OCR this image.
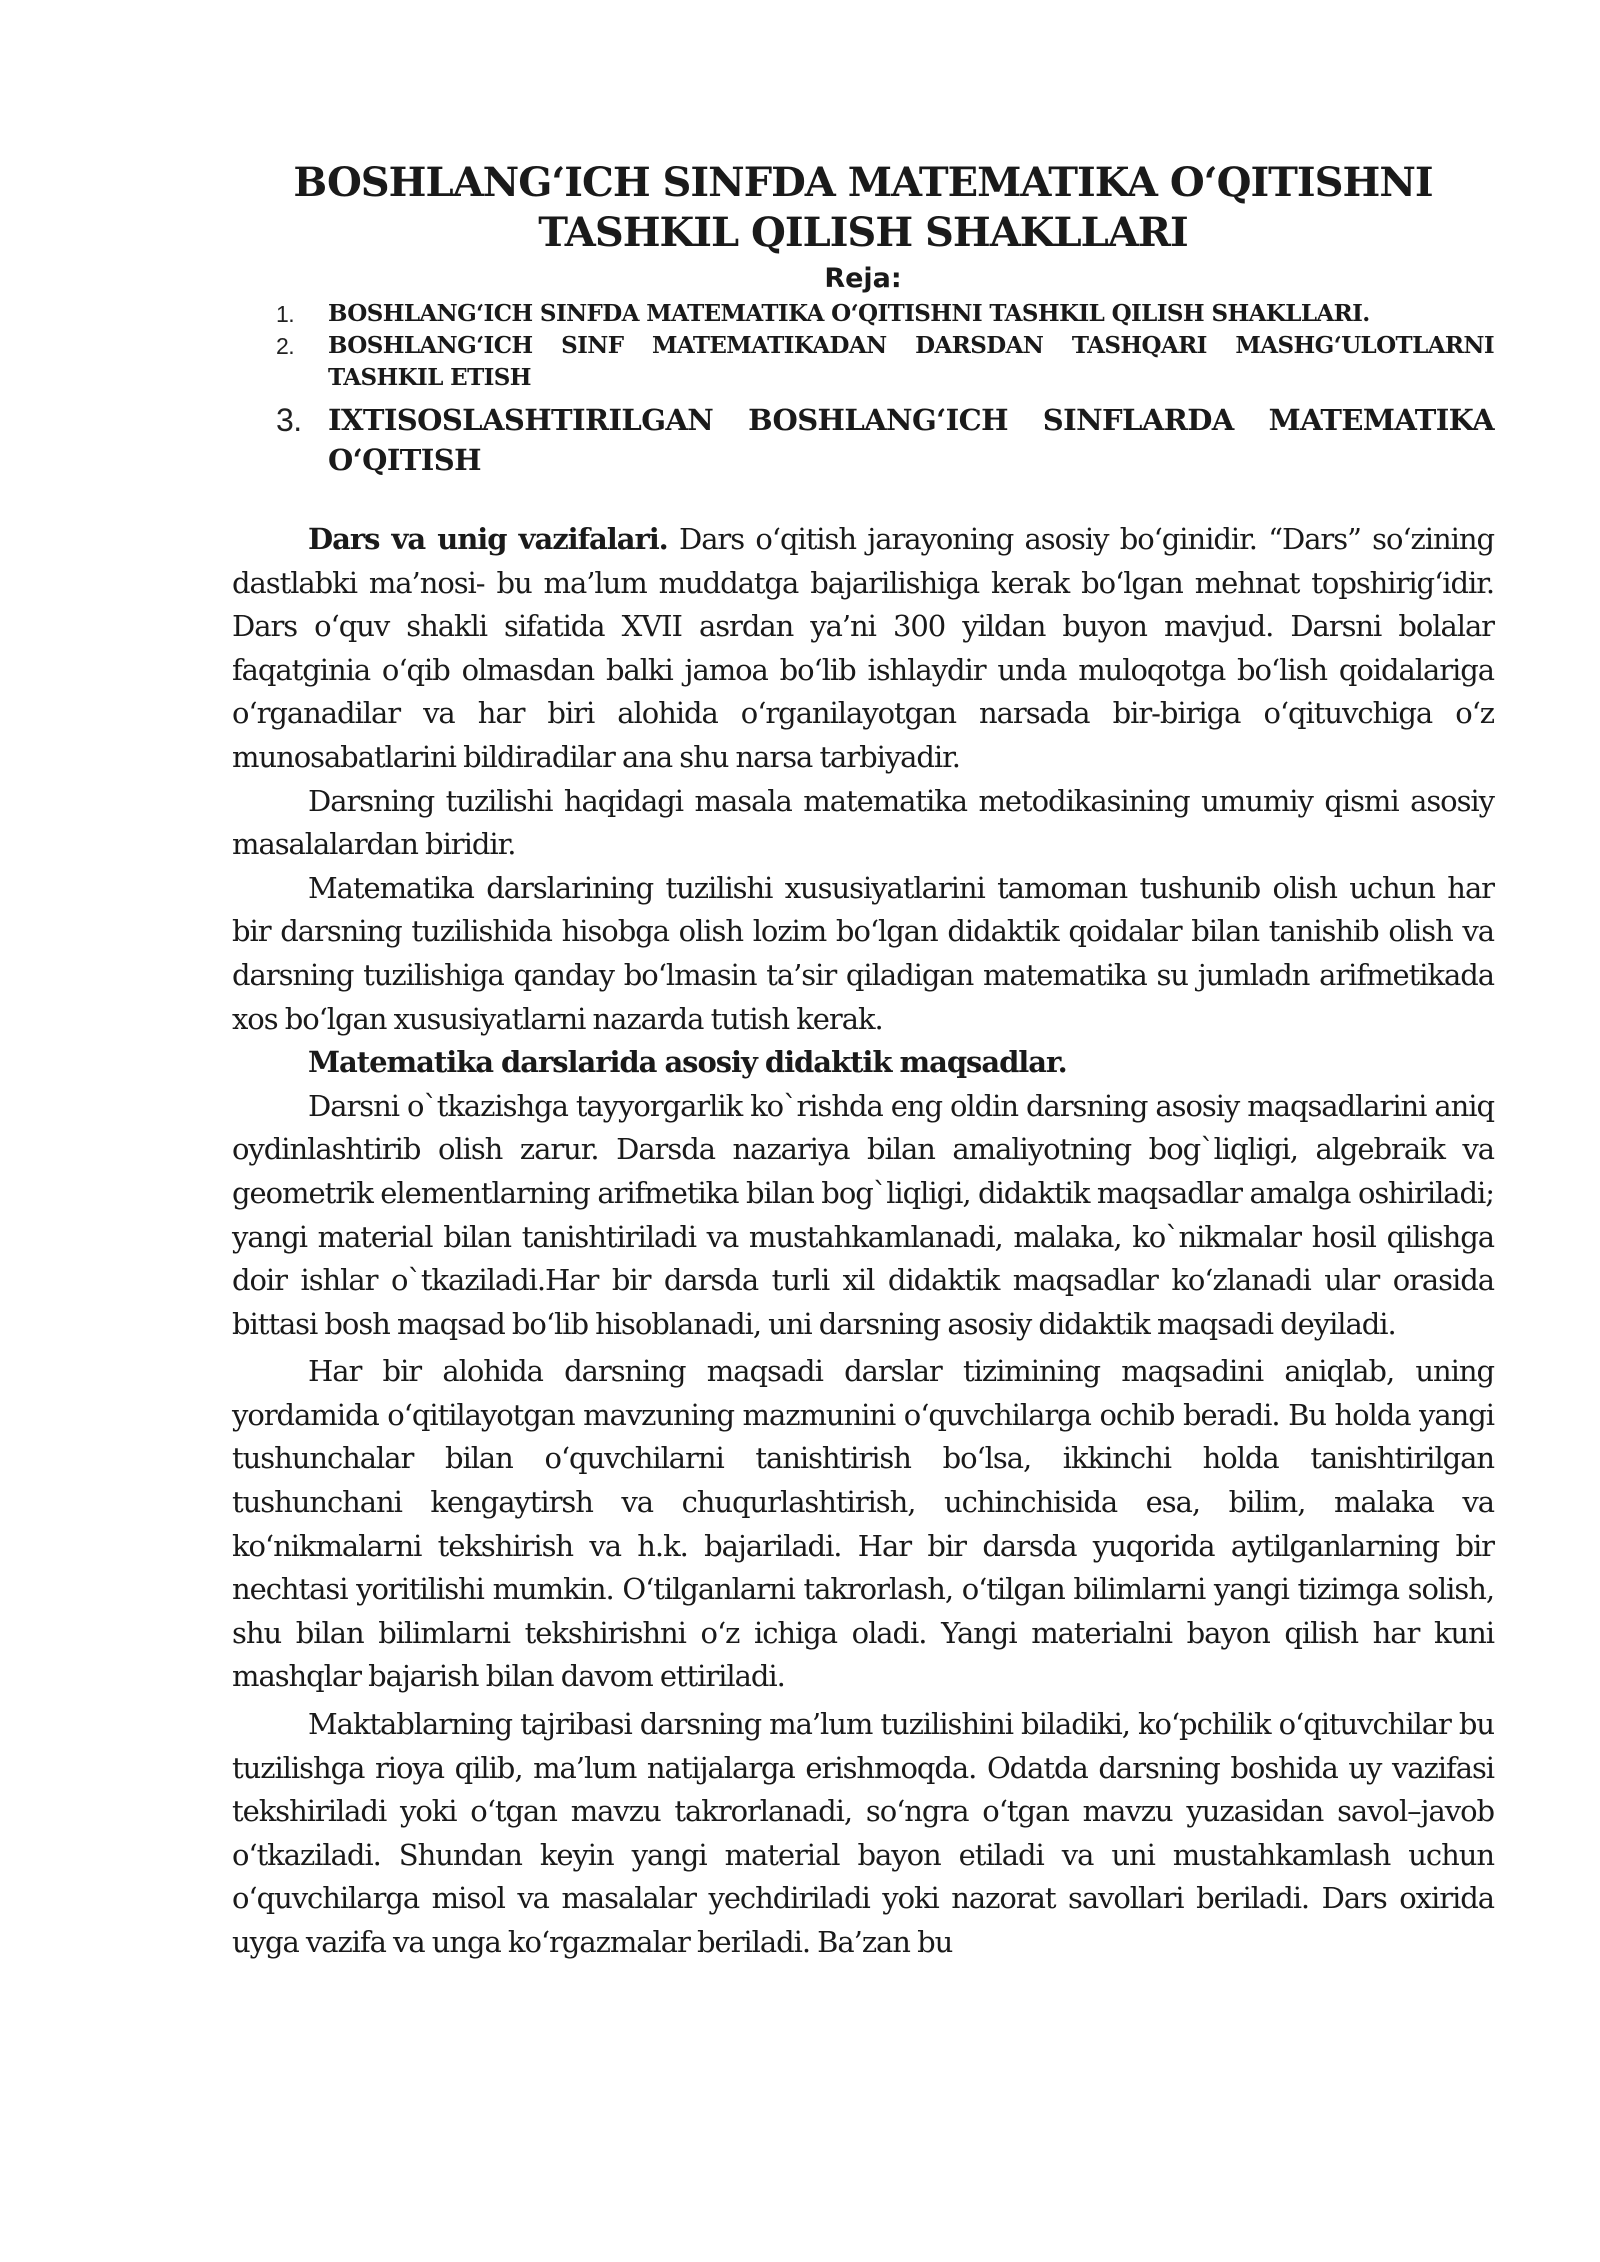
BOSHLANG‘ICH SINFDA MATEMATIKA O‘QITISHNI
TASHKIL QILISH SHAKLLARI
Reja:
1. BOSHLANG‘ICH SINFDA MATEMATIKA O‘QITISHNI TASHKIL QILISH SHAKLLARI.
2. BOSHLANG‘ICH SINF MATEMATIKADAN DARSDAN TASHQARI MASHG‘ULOTLARNI TASHKIL ETISH
3. IXTISOSLASHTIRILGAN BOSHLANG‘ICH SINFLARDA MATEMATIKA O‘QITISH

Dars va unig vazifalari. Dars o‘qitish jarayoning asosiy bo‘ginidir. “Dars” so‘zining dastlabki ma’nosi- bu ma’lum muddatga bajarilishiga kerak bo‘lgan mehnat topshirig‘idir. Dars o‘quv shakli sifatida XVII asrdan ya’ni 300 yildan buyon mavjud. Darsni bolalar faqatginia o‘qib olmasdan balki jamoa bo‘lib ishlaydir unda muloqotga bo‘lish qoidalariga o‘rganadilar va har biri alohida o‘rganilayotgan narsada bir-biriga o‘qituvchiga o‘z munosabatlarini bildiradilar ana shu narsa tarbiyadir.

Darsning tuzilishi haqidagi masala matematika metodikasining umumiy qismi asosiy masalalardan biridir.

Matematika darslarining tuzilishi xususiyatlarini tamoman tushunib olish uchun har bir darsning tuzilishida hisobga olish lozim bo‘lgan didaktik qoidalar bilan tanishib olish va darsning tuzilishiga qanday bo‘lmasin ta’sir qiladigan matematika su jumladn arifmetikada xos bo‘lgan xususiyatlarni nazarda tutish kerak.

Matematika darslarida asosiy didaktik maqsadlar.

Darsni o`tkazishga tayyorgarlik ko`rishda eng oldin darsning asosiy maqsadlarini aniq oydinlashtirib olish zarur. Darsda nazariya bilan amaliyotning bog`liqligi, algebraik va geometrik elementlarning arifmetika bilan bog`liqligi, didaktik maqsadlar amalga oshiriladi; yangi material bilan tanishtiriladi va mustahkamlanadi, malaka, ko`nikmalar hosil qilishga doir ishlar o`tkaziladi.Har bir darsda turli xil didaktik maqsadlar ko‘zlanadi ular orasida bittasi bosh maqsad bo‘lib hisoblanadi, uni darsning asosiy didaktik maqsadi deyiladi.

Har bir alohida darsning maqsadi darslar tizimining maqsadini aniqlab, uning yordamida o‘qitilayotgan mavzuning mazmunini o‘quvchilarga ochib beradi. Bu holda yangi tushunchalar bilan o‘quvchilarni tanishtirish bo‘lsa, ikkinchi holda tanishtirilgan tushunchani kengaytirsh va chuqurlashtirish, uchinchisida esa, bilim, malaka va ko‘nikmalarni tekshirish va h.k. bajariladi. Har bir darsda yuqorida aytilganlarning bir nechtasi yoritilishi mumkin. O‘tilganlarni takrorlash, o‘tilgan bilimlarni yangi tizimga solish, shu bilan bilimlarni tekshirishni o‘z ichiga oladi. Yangi materialni bayon qilish har kuni mashqlar bajarish bilan davom ettiriladi.

Maktablarning tajribasi darsning ma’lum tuzilishini biladiki, ko‘pchilik o‘qituvchilar bu tuzilishga rioya qilib, ma’lum natijalarga erishmoqda. Odatda darsning boshida uy vazifasi tekshiriladi yoki o‘tgan mavzu takrorlanadi, so‘ngra o‘tgan mavzu yuzasidan savol–javob o‘tkaziladi. Shundan keyin yangi material bayon etiladi va uni mustahkamlash uchun o‘quvchilarga misol va masalalar yechdiriladi yoki nazorat savollari beriladi. Dars oxirida uyga vazifa va unga ko‘rgazmalar beriladi. Ba’zan bu
